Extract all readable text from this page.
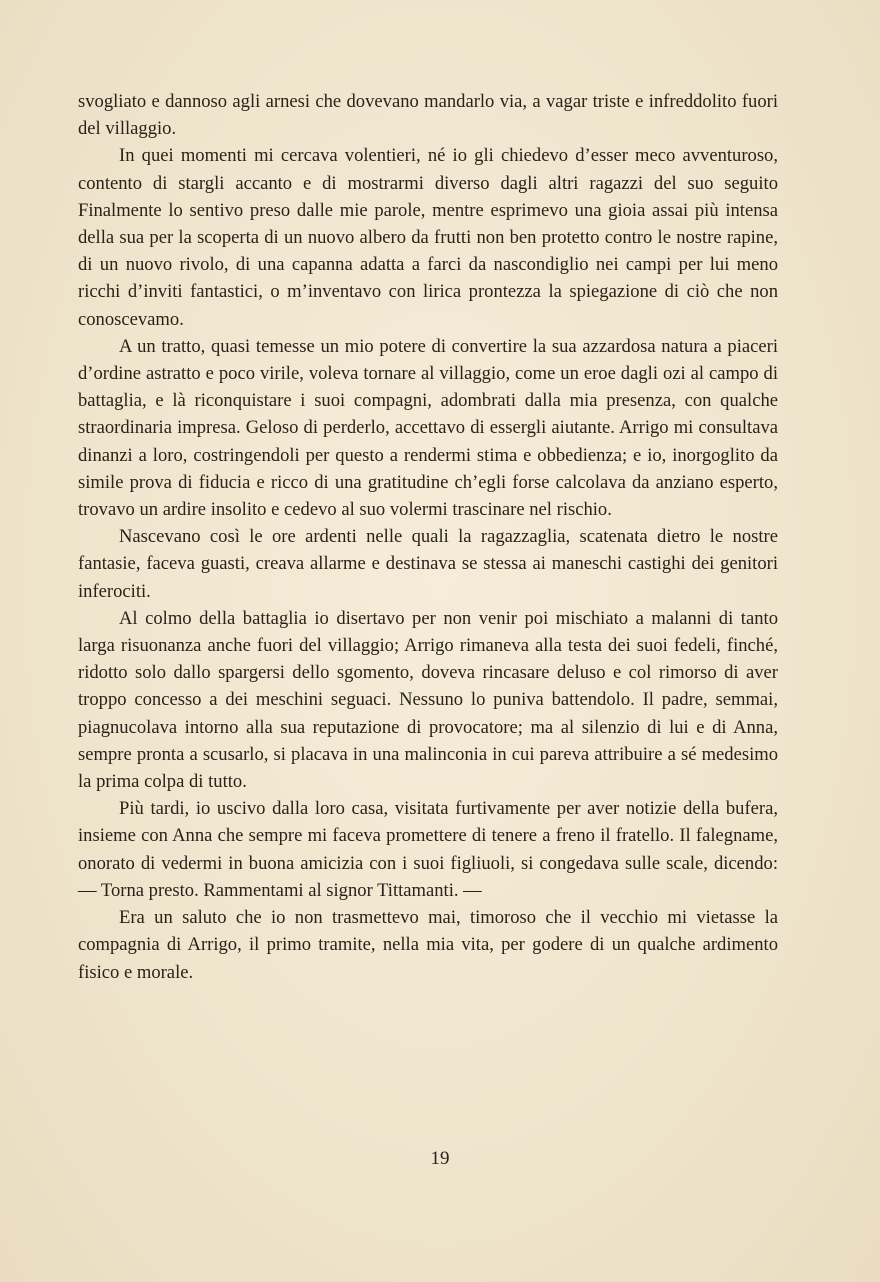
svogliato e dannoso agli arnesi che dovevano mandarlo via, a vagar triste e infreddolito fuori del villaggio.

In quei momenti mi cercava volentieri, né io gli chiedevo d’esser meco avventuroso, contento di stargli accanto e di mostrarmi diverso dagli altri ragazzi del suo seguito Finalmente lo sentivo preso dalle mie parole, mentre esprimevo una gioia assai più intensa della sua per la scoperta di un nuovo albero da frutti non ben protetto contro le nostre rapine, di un nuovo rivolo, di una capanna adatta a farci da nascondiglio nei campi per lui meno ricchi d’inviti fantastici, o m’inventavo con lirica prontezza la spiegazione di ciò che non conoscevamo.

A un tratto, quasi temesse un mio potere di convertire la sua azzardosa natura a piaceri d’ordine astratto e poco virile, voleva tornare al villaggio, come un eroe dagli ozi al campo di battaglia, e là riconquistare i suoi compagni, adombrati dalla mia presenza, con qualche straordinaria impresa. Geloso di perderlo, accettavo di essergli aiutante. Arrigo mi consultava dinanzi a loro, costringendoli per questo a rendermi stima e obbedienza; e io, inorgoglito da simile prova di fiducia e ricco di una gratitudine ch’egli forse calcolava da anziano esperto, trovavo un ardire insolito e cedevo al suo volermi trascinare nel rischio.

Nascevano così le ore ardenti nelle quali la ragazzaglia, scatenata dietro le nostre fantasie, faceva guasti, creava allarme e destinava se stessa ai maneschi castighi dei genitori inferociti.

Al colmo della battaglia io disertavo per non venir poi mischiato a malanni di tanto larga risuonanza anche fuori del villaggio; Arrigo rimaneva alla testa dei suoi fedeli, finché, ridotto solo dallo spargersi dello sgomento, doveva rincasare deluso e col rimorso di aver troppo concesso a dei meschini seguaci. Nessuno lo puniva battendolo. Il padre, semmai, piagnucolava intorno alla sua reputazione di provocatore; ma al silenzio di lui e di Anna, sempre pronta a scusarlo, si placava in una malinconia in cui pareva attribuire a sé medesimo la prima colpa di tutto.

Più tardi, io uscivo dalla loro casa, visitata furtivamente per aver notizie della bufera, insieme con Anna che sempre mi faceva promettere di tenere a freno il fratello. Il falegname, onorato di vedermi in buona amicizia con i suoi figliuoli, si congedava sulle scale, dicendo: — Torna presto. Rammentami al signor Tittamanti. —

Era un saluto che io non trasmettevo mai, timoroso che il vecchio mi vietasse la compagnia di Arrigo, il primo tramite, nella mia vita, per godere di un qualche ardimento fisico e morale.

19
